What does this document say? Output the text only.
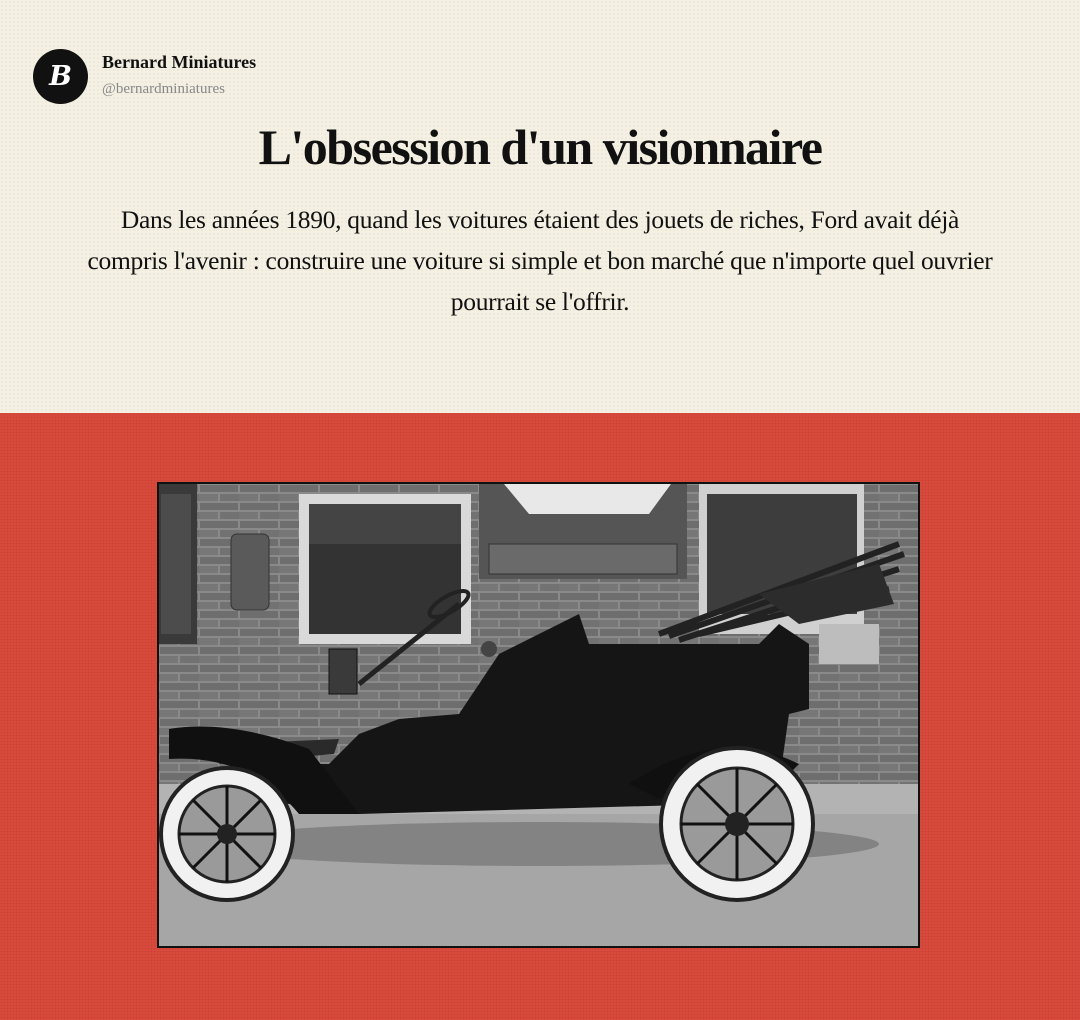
B Bernard Miniatures
@bernardminiatures
L'obsession d'un visionnaire
Dans les années 1890, quand les voitures étaient des jouets de riches, Ford avait déjà compris l'avenir : construire une voiture si simple et bon marché que n'importe quel ouvrier pourrait se l'offrir.
